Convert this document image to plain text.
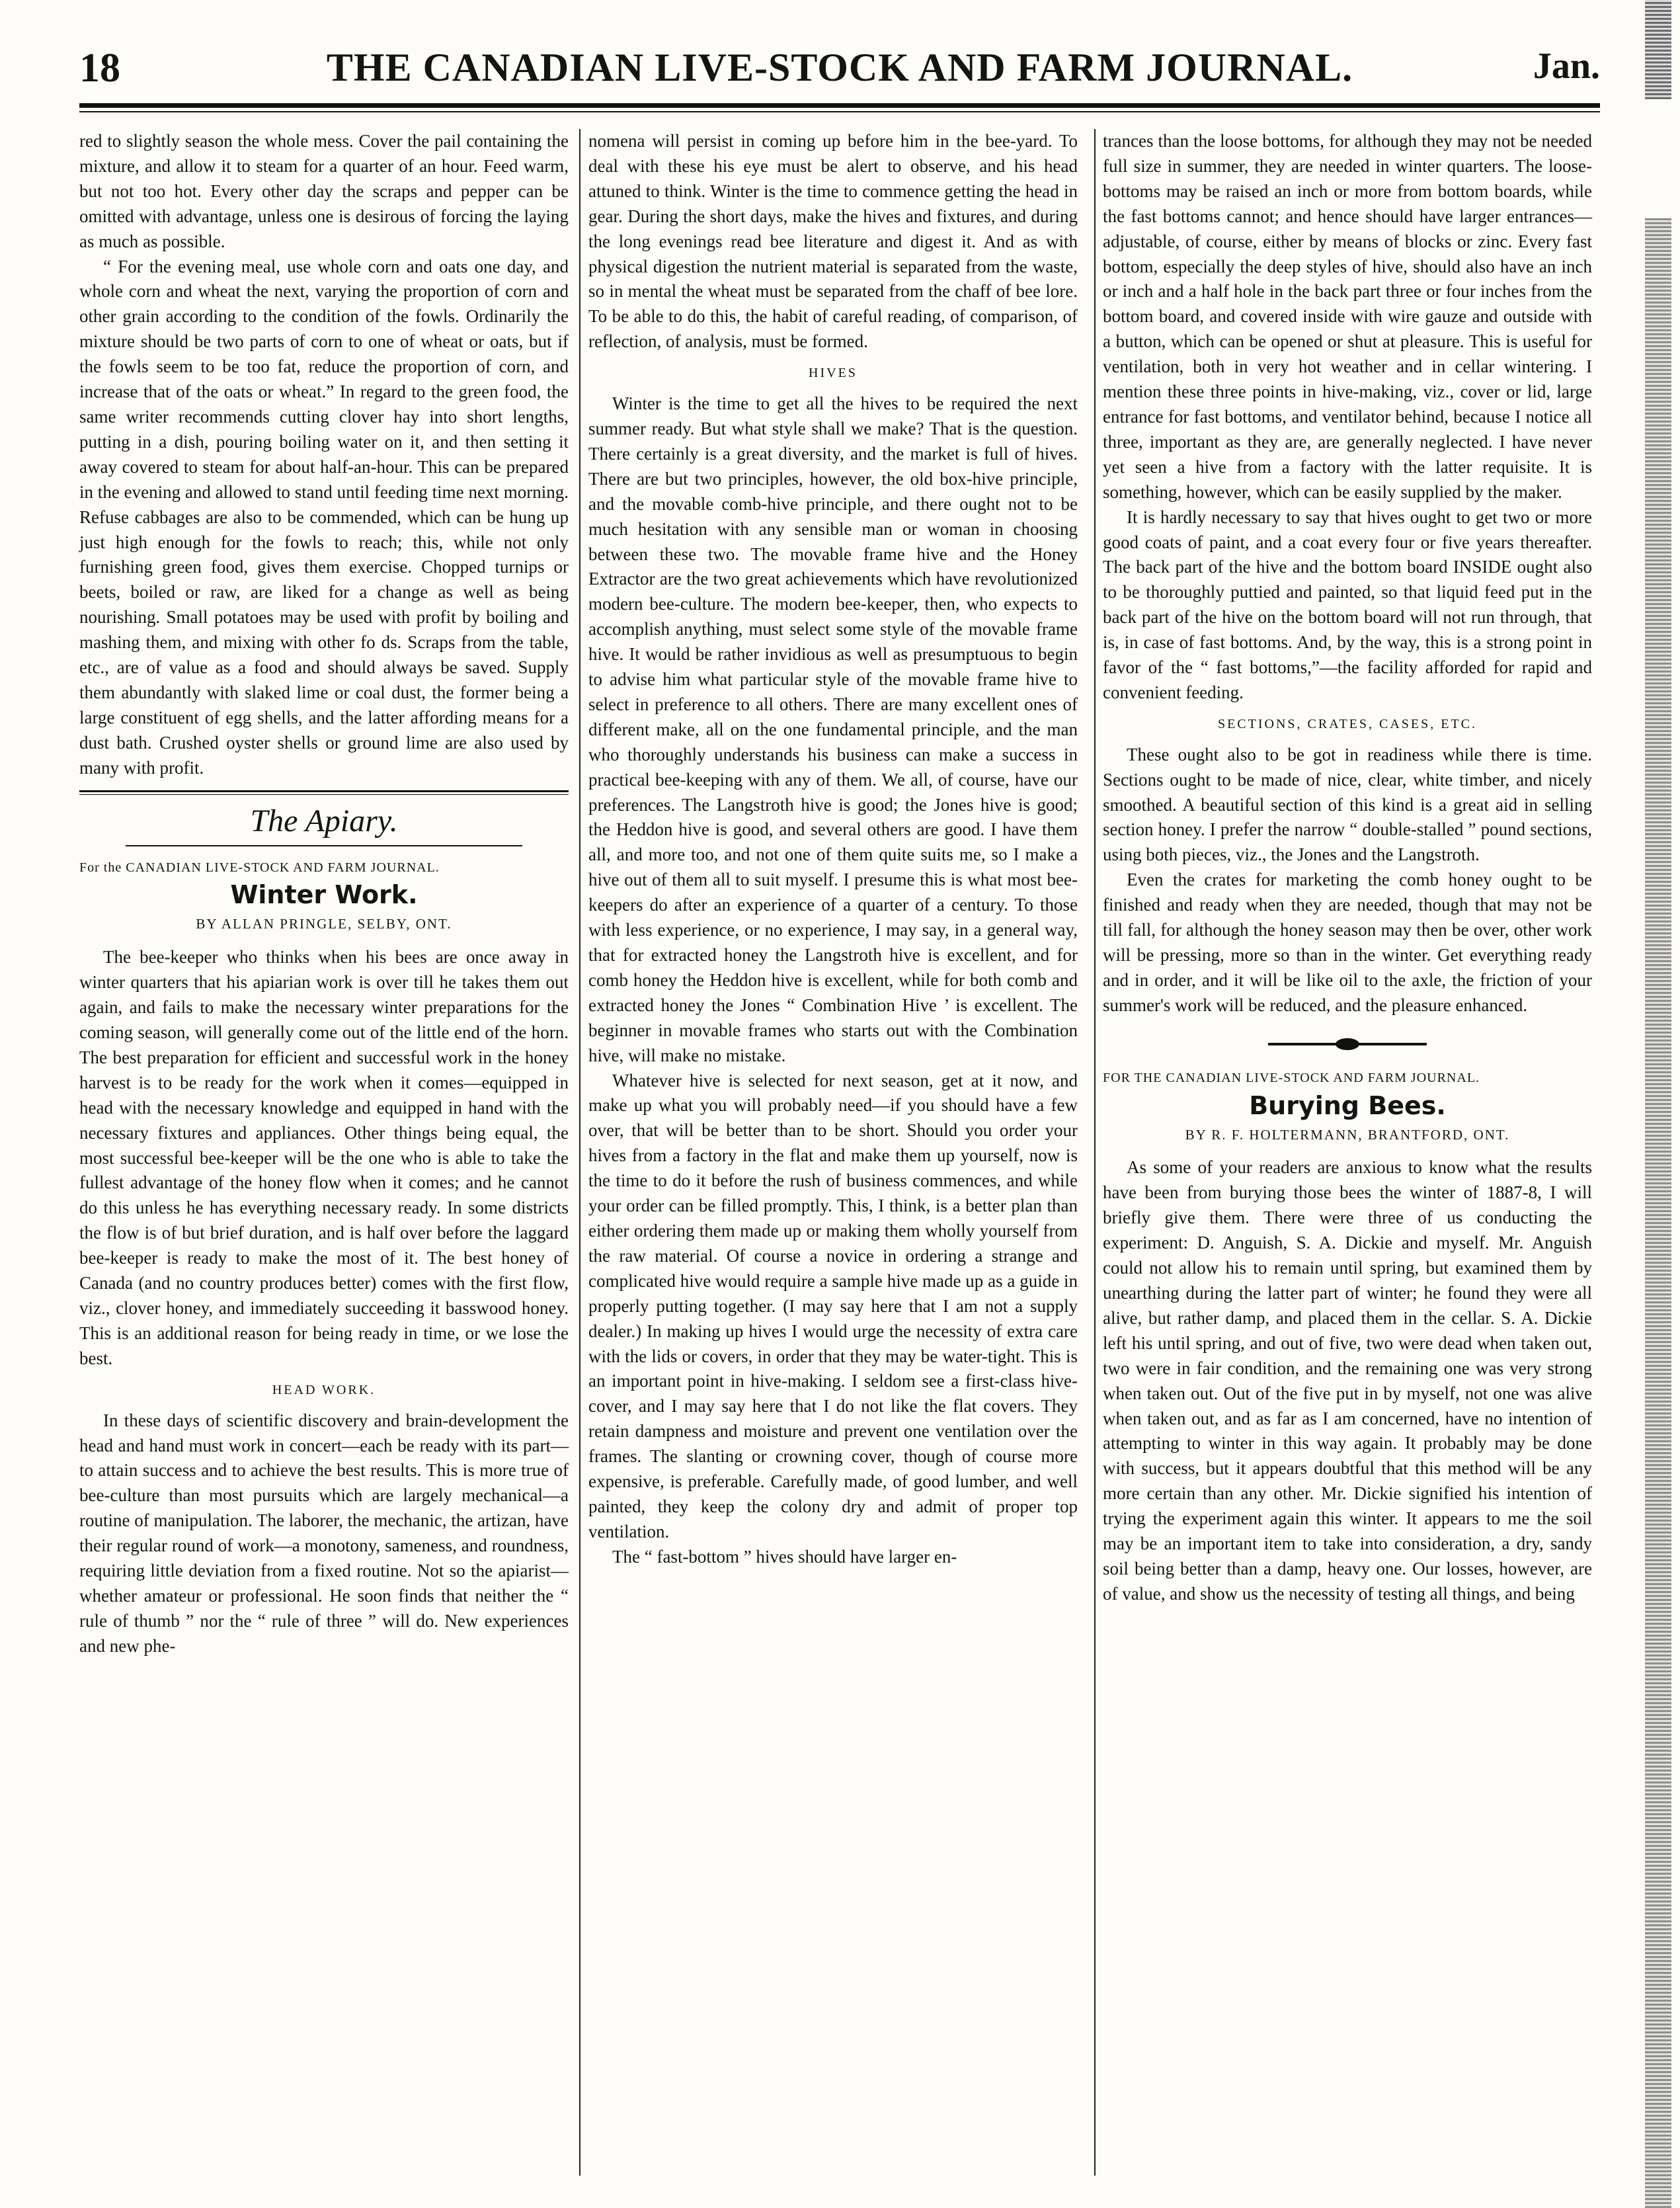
18	THE CANADIAN LIVE-STOCK AND FARM JOURNAL.	Jan.

red to slightly season the whole mess. Cover the pail containing the mixture, and allow it to steam for a quarter of an hour. Feed warm, but not too hot. Every other day the scraps and pepper can be omitted with advantage, unless one is desirous of forcing the laying as much as possible.

“ For the evening meal, use whole corn and oats one day, and whole corn and wheat the next, varying the proportion of corn and other grain according to the condition of the fowls. Ordinarily the mixture should be two parts of corn to one of wheat or oats, but if the fowls seem to be too fat, reduce the proportion of corn, and increase that of the oats or wheat.” In regard to the green food, the same writer recommends cutting clover hay into short lengths, putting in a dish, pouring boiling water on it, and then setting it away covered to steam for about half-an-hour. This can be prepared in the evening and allowed to stand until feeding time next morning. Refuse cabbages are also to be commended, which can be hung up just high enough for the fowls to reach; this, while not only furnishing green food, gives them exercise. Chopped turnips or beets, boiled or raw, are liked for a change as well as being nourishing. Small potatoes may be used with profit by boiling and mashing them, and mixing with other fo ds. Scraps from the table, etc., are of value as a food and should always be saved. Supply them abundantly with slaked lime or coal dust, the former being a large constituent of egg shells, and the latter affording means for a dust bath. Crushed oyster shells or ground lime are also used by many with profit.

The Apiary.
For the CANADIAN LIVE-STOCK AND FARM JOURNAL.
Winter Work.
BY ALLAN PRINGLE, SELBY, ONT.

The bee-keeper who thinks when his bees are once away in winter quarters that his apiarian work is over till he takes them out again, and fails to make the necessary winter preparations for the coming season, will generally come out of the little end of the horn. The best preparation for efficient and successful work in the honey harvest is to be ready for the work when it comes—equipped in head with the necessary knowledge and equipped in hand with the necessary fixtures and appliances. Other things being equal, the most successful bee-keeper will be the one who is able to take the fullest advantage of the honey flow when it comes; and he cannot do this unless he has everything necessary ready. In some districts the flow is of but brief duration, and is half over before the laggard bee-keeper is ready to make the most of it. The best honey of Canada (and no country produces better) comes with the first flow, viz., clover honey, and immediately succeeding it basswood honey. This is an additional reason for being ready in time, or we lose the best.

HEAD WORK.

In these days of scientific discovery and brain-development the head and hand must work in concert—each be ready with its part—to attain success and to achieve the best results. This is more true of bee-culture than most pursuits which are largely mechanical—a routine of manipulation. The laborer, the mechanic, the artizan, have their regular round of work—a monotony, sameness, and roundness, requiring little deviation from a fixed routine. Not so the apiarist—whether amateur or professional. He soon finds that neither the “ rule of thumb ” nor the “ rule of three ” will do. New experiences and new phe-

nomena will persist in coming up before him in the bee-yard. To deal with these his eye must be alert to observe, and his head attuned to think. Winter is the time to commence getting the head in gear. During the short days, make the hives and fixtures, and during the long evenings read bee literature and digest it. And as with physical digestion the nutrient material is separated from the waste, so in mental the wheat must be separated from the chaff of bee lore. To be able to do this, the habit of careful reading, of comparison, of reflection, of analysis, must be formed.

HIVES

Winter is the time to get all the hives to be required the next summer ready. But what style shall we make? That is the question. There certainly is a great diversity, and the market is full of hives. There are but two principles, however, the old box-hive principle, and the movable comb-hive principle, and there ought not to be much hesitation with any sensible man or woman in choosing between these two. The movable frame hive and the Honey Extractor are the two great achievements which have revolutionized modern bee-culture. The modern bee-keeper, then, who expects to accomplish anything, must select some style of the movable frame hive. It would be rather invidious as well as presumptuous to begin to advise him what particular style of the movable frame hive to select in preference to all others. There are many excellent ones of different make, all on the one fundamental principle, and the man who thoroughly understands his business can make a success in practical bee-keeping with any of them. We all, of course, have our preferences. The Langstroth hive is good; the Jones hive is good; the Heddon hive is good, and several others are good. I have them all, and more too, and not one of them quite suits me, so I make a hive out of them all to suit myself. I presume this is what most bee-keepers do after an experience of a quarter of a century. To those with less experience, or no experience, I may say, in a general way, that for extracted honey the Langstroth hive is excellent, and for comb honey the Heddon hive is excellent, while for both comb and extracted honey the Jones “ Combination Hive ’ is excellent. The beginner in movable frames who starts out with the Combination hive, will make no mistake.

Whatever hive is selected for next season, get at it now, and make up what you will probably need—if you should have a few over, that will be better than to be short. Should you order your hives from a factory in the flat and make them up yourself, now is the time to do it before the rush of business commences, and while your order can be filled promptly. This, I think, is a better plan than either ordering them made up or making them wholly yourself from the raw material. Of course a novice in ordering a strange and complicated hive would require a sample hive made up as a guide in properly putting together. (I may say here that I am not a supply dealer.) In making up hives I would urge the necessity of extra care with the lids or covers, in order that they may be water-tight. This is an important point in hive-making. I seldom see a first-class hive-cover, and I may say here that I do not like the flat covers. They retain dampness and moisture and prevent one ventilation over the frames. The slanting or crowning cover, though of course more expensive, is preferable. Carefully made, of good lumber, and well painted, they keep the colony dry and admit of proper top ventilation.

The “ fast-bottom ” hives should have larger en-

trances than the loose bottoms, for although they may not be needed full size in summer, they are needed in winter quarters. The loose-bottoms may be raised an inch or more from bottom boards, while the fast bottoms cannot; and hence should have larger entrances—adjustable, of course, either by means of blocks or zinc. Every fast bottom, especially the deep styles of hive, should also have an inch or inch and a half hole in the back part three or four inches from the bottom board, and covered inside with wire gauze and outside with a button, which can be opened or shut at pleasure. This is useful for ventilation, both in very hot weather and in cellar wintering. I mention these three points in hive-making, viz., cover or lid, large entrance for fast bottoms, and ventilator behind, because I notice all three, important as they are, are generally neglected. I have never yet seen a hive from a factory with the latter requisite. It is something, however, which can be easily supplied by the maker.

It is hardly necessary to say that hives ought to get two or more good coats of paint, and a coat every four or five years thereafter. The back part of the hive and the bottom board INSIDE ought also to be thoroughly puttied and painted, so that liquid feed put in the back part of the hive on the bottom board will not run through, that is, in case of fast bottoms. And, by the way, this is a strong point in favor of the “ fast bottoms,”—the facility afforded for rapid and convenient feeding.

SECTIONS, CRATES, CASES, ETC.

These ought also to be got in readiness while there is time. Sections ought to be made of nice, clear, white timber, and nicely smoothed. A beautiful section of this kind is a great aid in selling section honey. I prefer the narrow “ double-stalled ” pound sections, using both pieces, viz., the Jones and the Langstroth.

Even the crates for marketing the comb honey ought to be finished and ready when they are needed, though that may not be till fall, for although the honey season may then be over, other work will be pressing, more so than in the winter. Get everything ready and in order, and it will be like oil to the axle, the friction of your summer's work will be reduced, and the pleasure enhanced.

FOR THE CANADIAN LIVE-STOCK AND FARM JOURNAL.
Burying Bees.
BY R. F. HOLTERMANN, BRANTFORD, ONT.

As some of your readers are anxious to know what the results have been from burying those bees the winter of 1887-8, I will briefly give them. There were three of us conducting the experiment: D. Anguish, S. A. Dickie and myself. Mr. Anguish could not allow his to remain until spring, but examined them by unearthing during the latter part of winter; he found they were all alive, but rather damp, and placed them in the cellar. S. A. Dickie left his until spring, and out of five, two were dead when taken out, two were in fair condition, and the remaining one was very strong when taken out. Out of the five put in by myself, not one was alive when taken out, and as far as I am concerned, have no intention of attempting to winter in this way again. It probably may be done with success, but it appears doubtful that this method will be any more certain than any other. Mr. Dickie signified his intention of trying the experiment again this winter. It appears to me the soil may be an important item to take into consideration, a dry, sandy soil being better than a damp, heavy one. Our losses, however, are of value, and show us the necessity of testing all things, and being
